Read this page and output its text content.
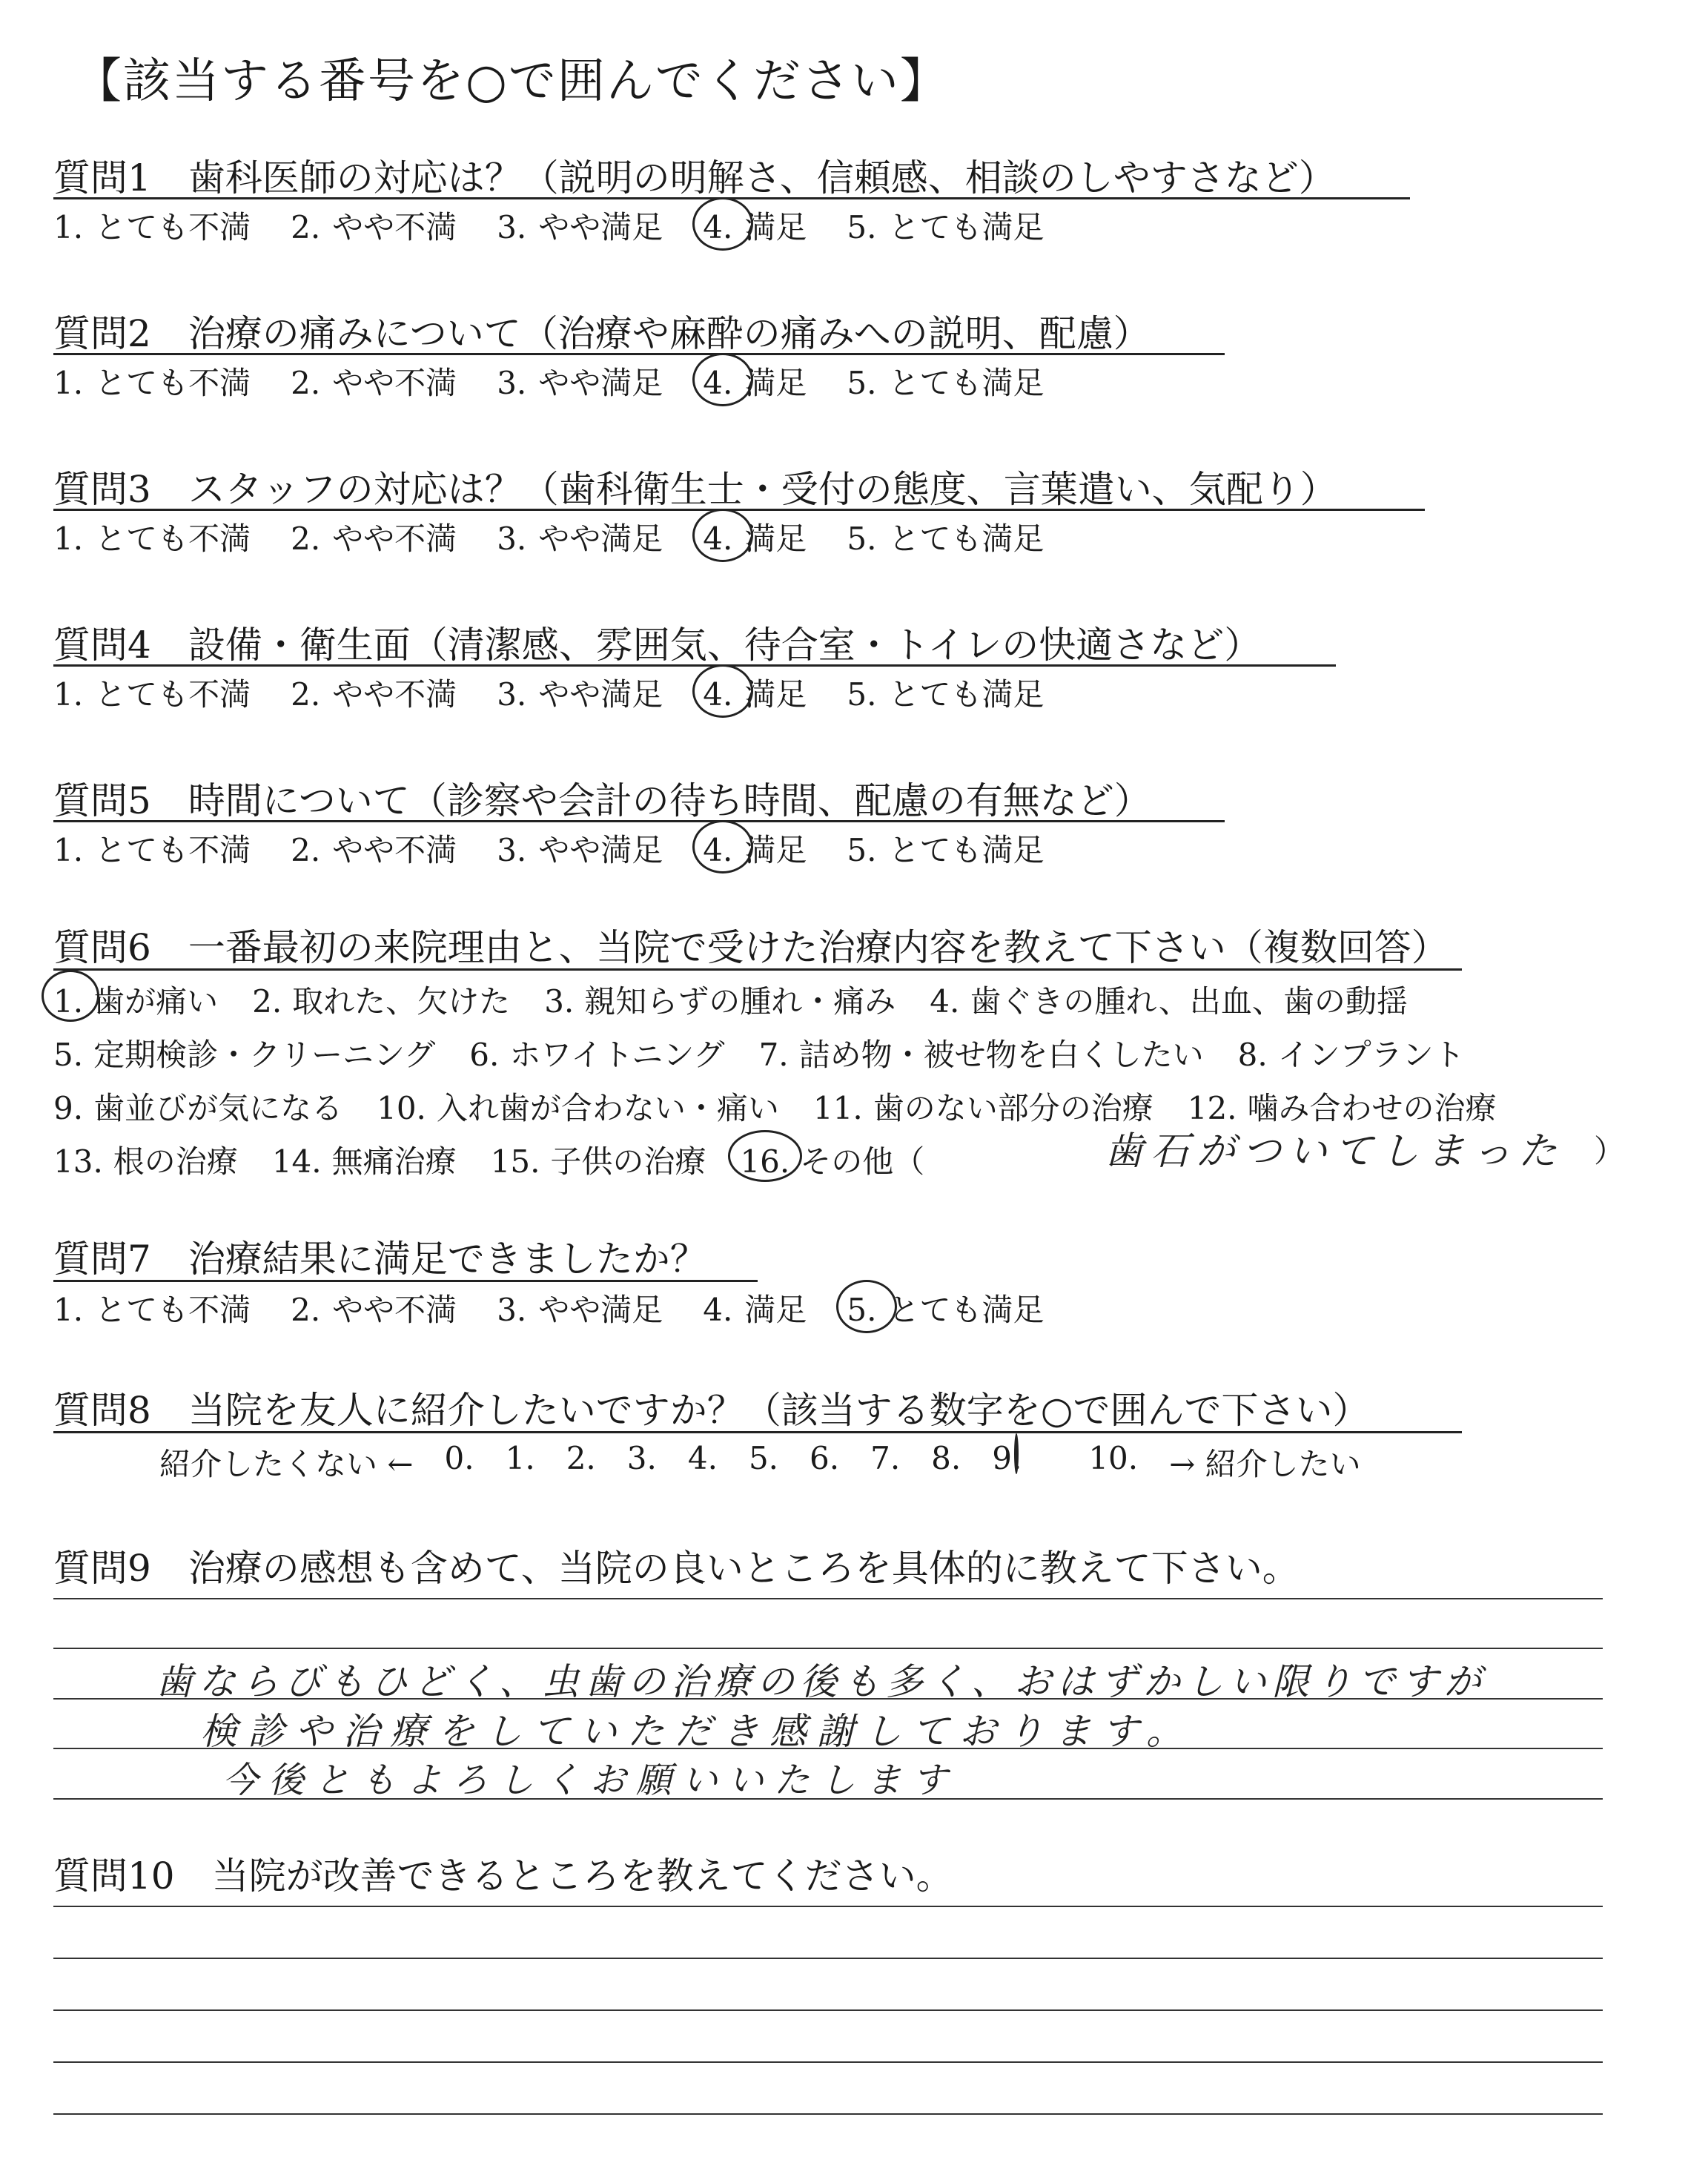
【該当する番号を○で囲んでください】
質問1 歯科医師の対応は？（説明の明解さ、信頼感、相談のしやすさなど）
1. とても不満 2. やや不満 3. やや満足 4. 満足 5. とても満足
質問2 治療の痛みについて（治療や麻酔の痛みへの説明、配慮）
1. とても不満 2. やや不満 3. やや満足 4. 満足 5. とても満足
質問3 スタッフの対応は？（歯科衛生士・受付の態度、言葉遣い、気配り）
1. とても不満 2. やや不満 3. やや満足 4. 満足 5. とても満足
質問4 設備・衛生面（清潔感、雰囲気、待合室・トイレの快適さなど）
1. とても不満 2. やや不満 3. やや満足 4. 満足 5. とても満足
質問5 時間について（診察や会計の待ち時間、配慮の有無など）
1. とても不満 2. やや不満 3. やや満足 4. 満足 5. とても満足
質問6 一番最初の来院理由と、当院で受けた治療内容を教えて下さい（複数回答）
1. 歯が痛い 2. 取れた、欠けた 3. 親知らずの腫れ・痛み 4. 歯ぐきの腫れ、出血、歯の動揺
5. 定期検診・クリーニング 6. ホワイトニング 7. 詰め物・被せ物を白くしたい 8. インプラント
9. 歯並びが気になる 10. 入れ歯が合わない・痛い 11. 歯のない部分の治療 12. 噛み合わせの治療
13. 根の治療 14. 無痛治療 15. 子供の治療 16. その他（	歯石がついてしまった ）
質問7 治療結果に満足できましたか？
1. とても不満 2. やや不満 3. やや満足 4. 満足 5. とても満足
質問8 当院を友人に紹介したいですか？（該当する数字を○で囲んで下さい）
紹介したくない ← 0. 1. 2. 3. 4. 5. 6. 7. 8. 9.	10. → 紹介したい
質問9 治療の感想も含めて、当院の良いところを具体的に教えて下さい。
歯ならびもひどく、虫歯の治療の後も多く、おはずかしい限りですが
検診や治療をしていただき感謝しております。
今後ともよろしくお願いいたします
質問10 当院が改善できるところを教えてください。
